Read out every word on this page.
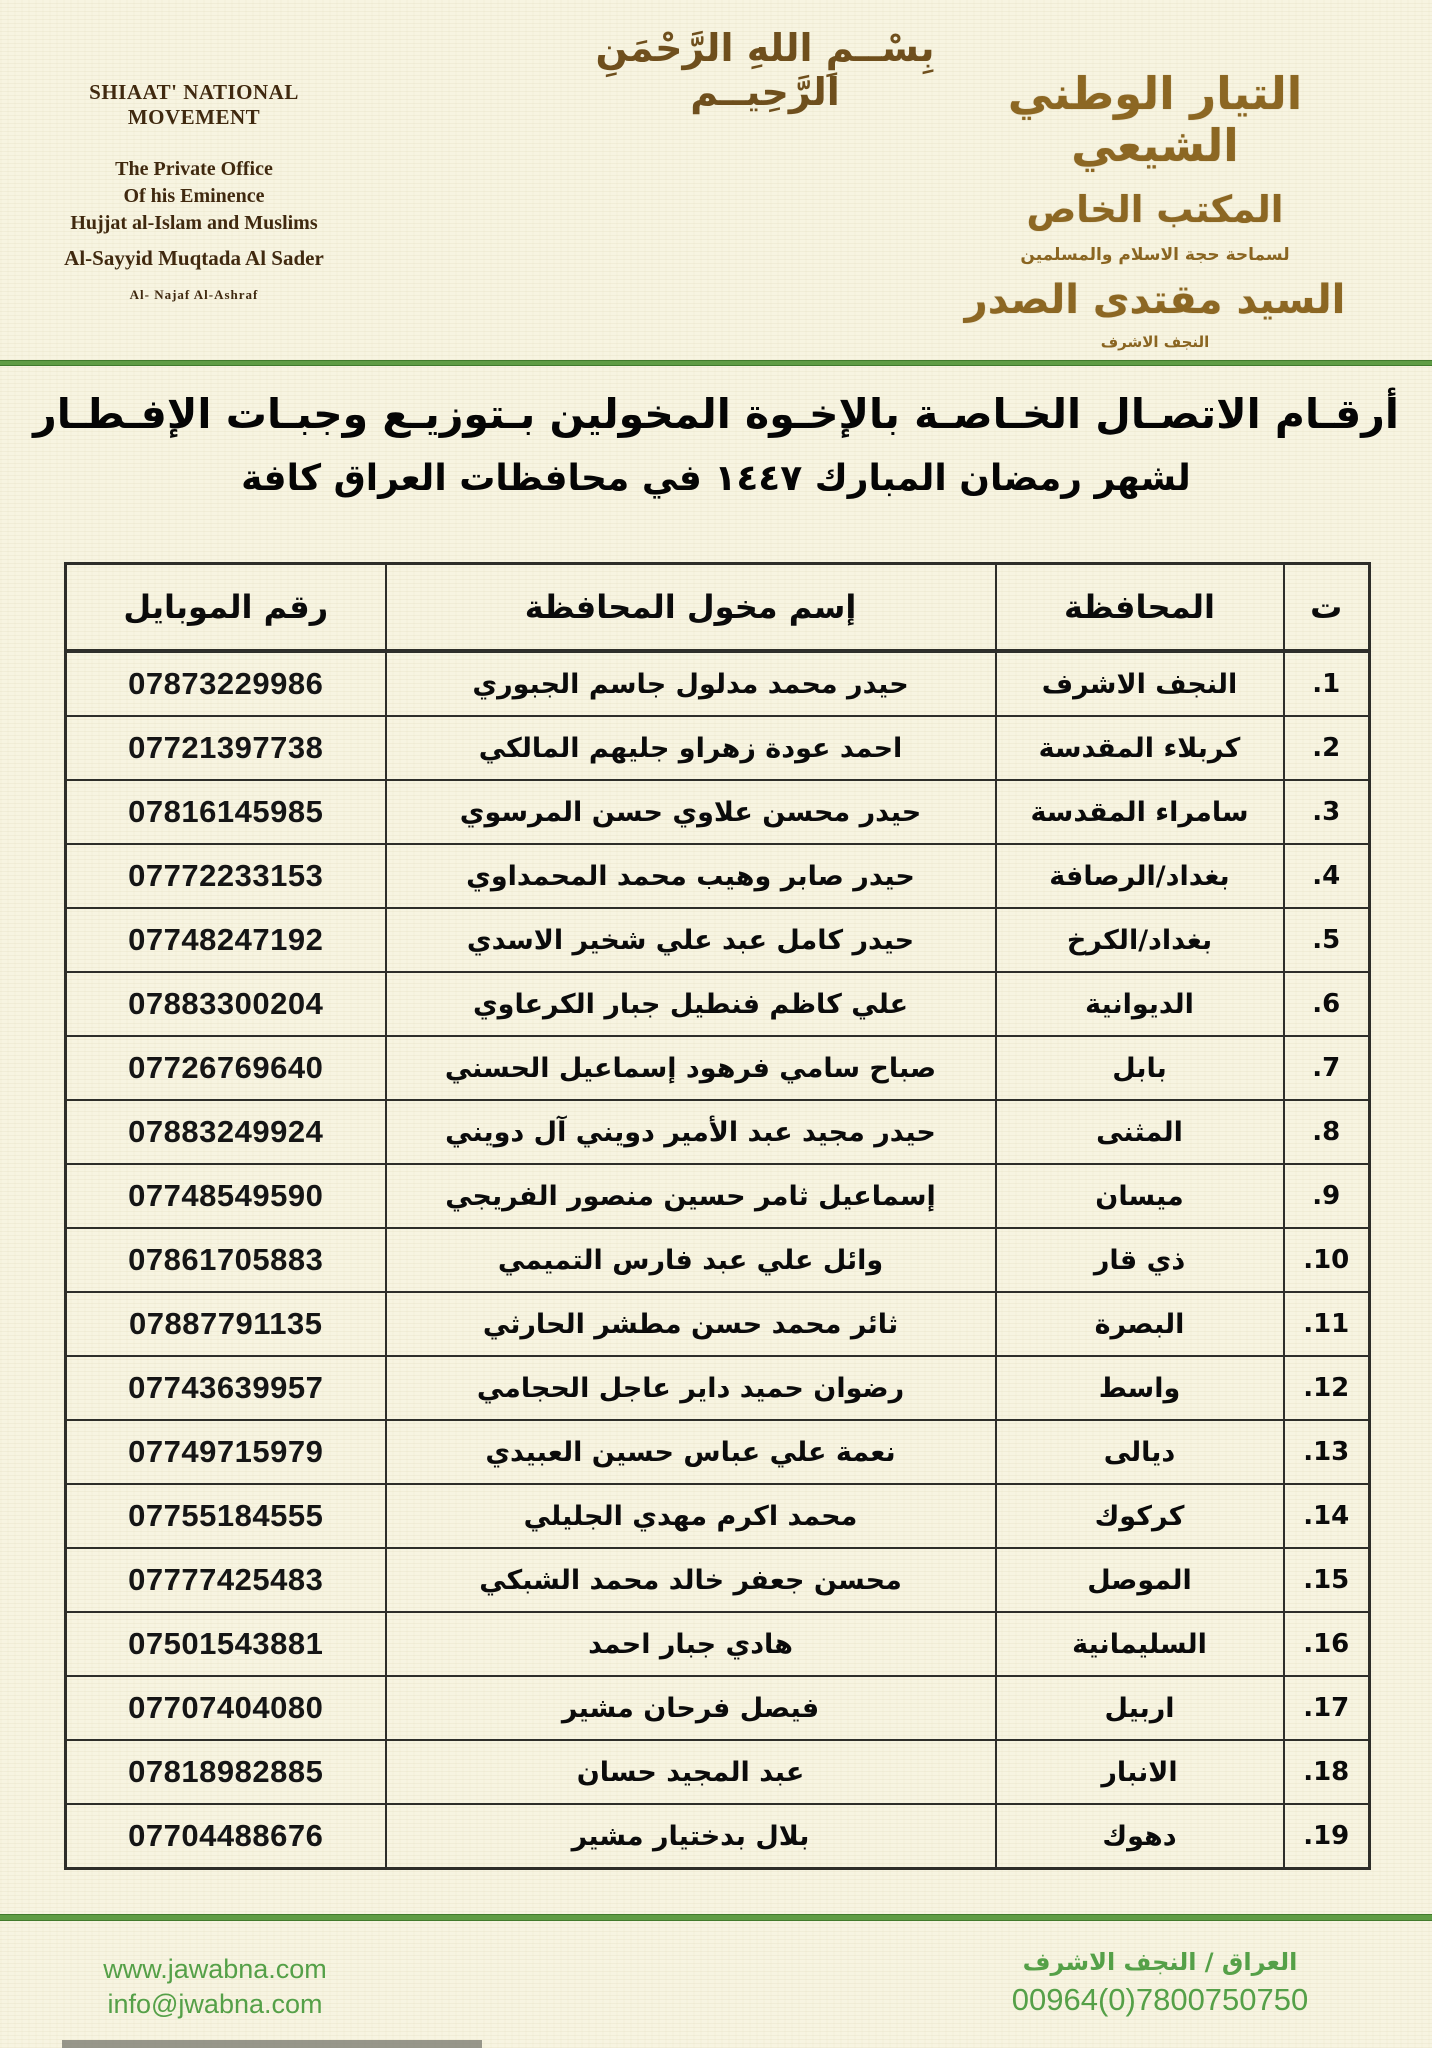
بِسْــمِ اللهِ الرَّحْمَنِ الرَّحِيــم
SHIAAT' NATIONAL MOVEMENT
The Private Office
Of his Eminence
Hujjat al-Islam and Muslims
Al-Sayyid Muqtada Al Sader
Al- Najaf Al-Ashraf
التيار الوطني الشيعي
المكتب الخاص
لسماحة حجة الاسلام والمسلمين
السيد مقتدى الصدر
النجف الاشرف
أرقـام الاتصـال الخـاصـة بالإخـوة المخولين بـتوزيـع وجبـات الإفـطـار
لشهر رمضان المبارك ١٤٤٧ في محافظات العراق كافة
ت	المحافظة	إسم مخول المحافظة	رقم الموبايل
1.	النجف الاشرف	حيدر محمد مدلول جاسم الجبوري	07873229986
2.	كربلاء المقدسة	احمد عودة زهراو جليهم المالكي	07721397738
3.	سامراء المقدسة	حيدر محسن علاوي حسن المرسوي	07816145985
4.	بغداد/الرصافة	حيدر صابر وهيب محمد المحمداوي	07772233153
5.	بغداد/الكرخ	حيدر كامل عبد علي شخير الاسدي	07748247192
6.	الديوانية	علي كاظم فنطيل جبار الكرعاوي	07883300204
7.	بابل	صباح سامي فرهود إسماعيل الحسني	07726769640
8.	المثنى	حيدر مجيد عبد الأمير دويني آل دويني	07883249924
9.	ميسان	إسماعيل ثامر حسين منصور الفريجي	07748549590
10.	ذي قار	وائل علي عبد فارس التميمي	07861705883
11.	البصرة	ثائر محمد حسن مطشر الحارثي	07887791135
12.	واسط	رضوان حميد داير عاجل الحجامي	07743639957
13.	ديالى	نعمة علي عباس حسين العبيدي	07749715979
14.	كركوك	محمد اكرم مهدي الجليلي	07755184555
15.	الموصل	محسن جعفر خالد محمد الشبكي	07777425483
16.	السليمانية	هادي جبار احمد	07501543881
17.	اربيل	فيصل فرحان مشير	07707404080
18.	الانبار	عبد المجيد حسان	07818982885
19.	دهوك	بلال بدختيار مشير	07704488676
www.jawabna.com
info@jwabna.com
العراق / النجف الاشرف
00964(0)7800750750
